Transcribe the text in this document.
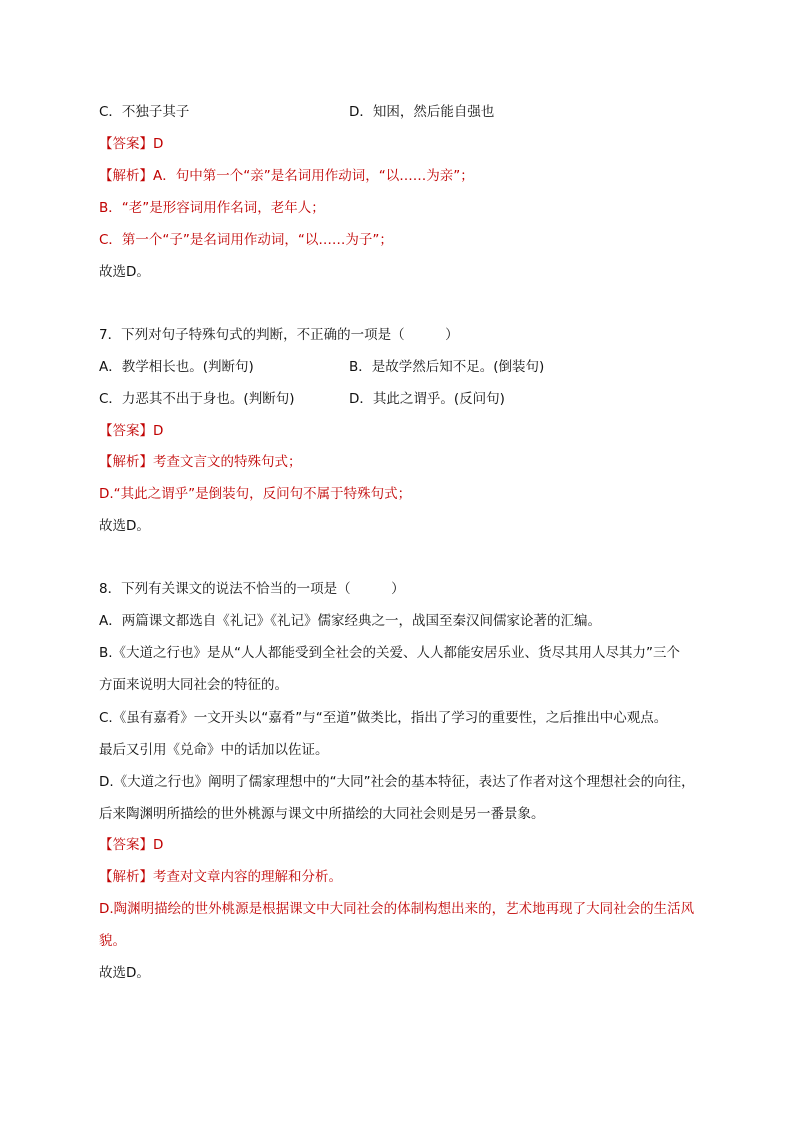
C．不独子其子	D．知困，然后能自强也
【答案】D
【解析】A．句中第一个“亲”是名词用作动词，“以……为亲”；
B．“老”是形容词用作名词，老年人；
C．第一个“子”是名词用作动词，“以……为子”；
故选D。
7．下列对句子特殊句式的判断，不正确的一项是（　　　）
A．教学相长也。(判断句)	B．是故学然后知不足。(倒装句)
C．力恶其不出于身也。(判断句)	D．其此之谓乎。(反问句)
【答案】D
【解析】考查文言文的特殊句式；
D.“其此之谓乎”是倒装句，反问句不属于特殊句式；
故选D。
8．下列有关课文的说法不恰当的一项是（　　　）
A．两篇课文都选自《礼记》《礼记》儒家经典之一，战国至秦汉间儒家论著的汇编。
B.《大道之行也》是从“人人都能受到全社会的关爱、人人都能安居乐业、货尽其用人尽其力”三个
方面来说明大同社会的特征的。
C.《虽有嘉肴》一文开头以“嘉肴”与“至道”做类比，指出了学习的重要性，之后推出中心观点。
最后又引用《兑命》中的话加以佐证。
D.《大道之行也》阐明了儒家理想中的“大同”社会的基本特征，表达了作者对这个理想社会的向往，
后来陶渊明所描绘的世外桃源与课文中所描绘的大同社会则是另一番景象。
【答案】D
【解析】考查对文章内容的理解和分析。
D.陶渊明描绘的世外桃源是根据课文中大同社会的体制构想出来的，艺术地再现了大同社会的生活风
貌。
故选D。
